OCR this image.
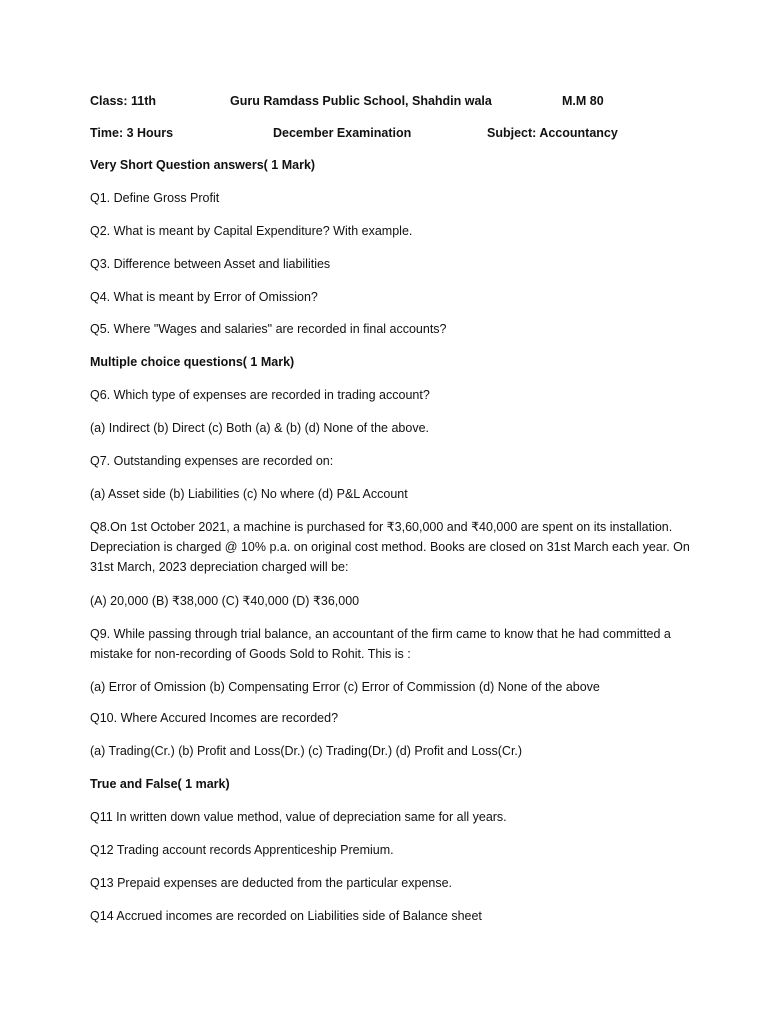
Class: 11th	Guru Ramdass Public School, Shahdin wala	M.M 80
Time: 3 Hours	December Examination	Subject: Accountancy
Very Short Question answers( 1 Mark)
Q1. Define Gross Profit
Q2. What is meant by Capital Expenditure? With example.
Q3. Difference between Asset and liabilities
Q4. What is meant by Error of Omission?
Q5. Where "Wages and salaries" are recorded in final accounts?
Multiple choice questions( 1 Mark)
Q6. Which type of expenses are recorded in trading account?
(a) Indirect (b) Direct (c) Both (a) & (b) (d) None of the above.
Q7. Outstanding expenses are recorded on:
(a) Asset side (b) Liabilities (c) No where (d) P&L Account
Q8.On 1st October 2021, a machine is purchased for ₹3,60,000 and ₹40,000 are spent on its installation. Depreciation is charged @ 10% p.a. on original cost method. Books are closed on 31st March each year. On 31st March, 2023 depreciation charged will be:
(A) 20,000 (B) ₹38,000 (C) ₹40,000 (D) ₹36,000
Q9. While passing through trial balance, an accountant of the firm came to know that he had committed a mistake for non-recording of Goods Sold to Rohit. This is :
(a) Error of Omission (b) Compensating Error (c) Error of Commission (d) None of the above
Q10. Where Accured Incomes are recorded?
(a) Trading(Cr.) (b) Profit and Loss(Dr.) (c) Trading(Dr.) (d) Profit and Loss(Cr.)
True and False( 1 mark)
Q11 In written down value method, value of depreciation same for all years.
Q12 Trading account records Apprenticeship Premium.
Q13 Prepaid expenses are deducted from the particular expense.
Q14 Accrued incomes are recorded on Liabilities side of Balance sheet
